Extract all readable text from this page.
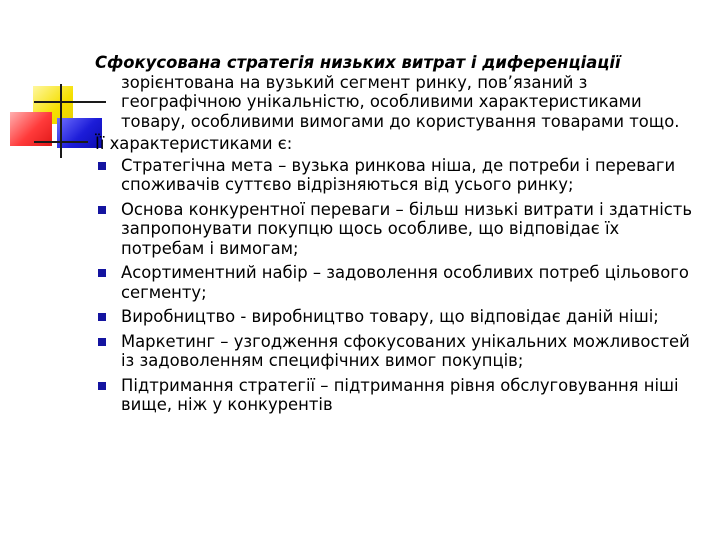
Сфокусована стратегія низьких витрат і диференціації зорієнтована на вузький сегмент ринку, пов’язаний з географічною унікальністю, особливими характеристиками товару, особливими вимогами до користування товарами тощо.

Її характеристиками є:

Стратегічна мета – вузька ринкова ніша, де потреби і переваги споживачів суттєво відрізняються від усього ринку;
Основа конкурентної переваги – більш низькі витрати і здатність запропонувати покупцю щось особливе, що відповідає їх потребам і вимогам;
Асортиментний набір – задоволення особливих потреб цільового сегменту;
Виробництво - виробництво товару, що відповідає даній ніші;
Маркетинг – узгодження сфокусованих унікальних можливостей із задоволенням специфічних вимог покупців;
Підтримання стратегії – підтримання рівня обслуговування ніші вище, ніж у конкурентів
